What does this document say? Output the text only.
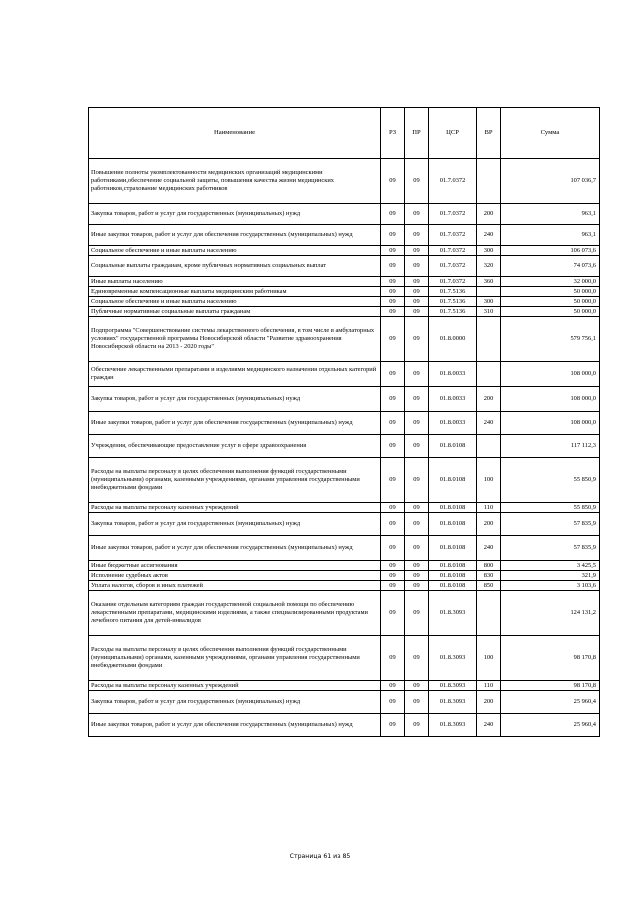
Наименование	РЗ	ПР	ЦСР	ВР	Сумма
Повышение полноты укомплектованности медицинских организаций медицинскими работниками,обеспечение социальной защиты, повышения качества жизни медицинских работников,страхование медицинских работников	09	09	01.7.0372		107 036,7
Закупка товаров, работ и услуг для государственных (муниципальных) нужд	09	09	01.7.0372	200	963,1
Иные закупки товаров, работ и услуг для обеспечения государственных (муниципальных) нужд	09	09	01.7.0372	240	963,1
Социальное обеспечение и иные выплаты населению	09	09	01.7.0372	300	106 073,6
Социальные выплаты гражданам, кроме публичных нормативных социальных выплат	09	09	01.7.0372	320	74 073,6
Иные выплаты населению	09	09	01.7.0372	360	32 000,0
Единовременные компенсационные выплаты медицинским работникам	09	09	01.7.5136		50 000,0
Социальное обеспечение и иные выплаты населению	09	09	01.7.5136	300	50 000,0
Публичные нормативные социальные выплаты гражданам	09	09	01.7.5136	310	50 000,0
Подпрограмма "Совершенствование системы лекарственного обеспечения, в том числе в амбулаторных условиях" государственной программы Новосибирской области "Развитие здравоохранения Новосибирской области на 2013 - 2020 годы"	09	09	01.8.0000		579 756,1
Обеспечение лекарственными препаратами и изделиями медицинского назначения отдельных категорий граждан	09	09	01.8.0033		108 000,0
Закупка товаров, работ и услуг для государственных (муниципальных) нужд	09	09	01.8.0033	200	108 000,0
Иные закупки товаров, работ и услуг для обеспечения государственных (муниципальных) нужд	09	09	01.8.0033	240	108 000,0
Учреждения, обеспечивающие предоставление услуг в сфере здравоохранения	09	09	01.8.0108		117 112,3
Расходы на выплаты персоналу в целях обеспечения выполнения функций государственными (муниципальными) органами, казенными учреждениями, органами управления государственными внебюджетными фондами	09	09	01.8.0108	100	55 850,9
Расходы на выплаты персоналу казенных учреждений	09	09	01.8.0108	110	55 850,9
Закупка товаров, работ и услуг для государственных (муниципальных) нужд	09	09	01.8.0108	200	57 835,9
Иные закупки товаров, работ и услуг для обеспечения государственных (муниципальных) нужд	09	09	01.8.0108	240	57 835,9
Иные бюджетные ассигнования	09	09	01.8.0108	800	3 425,5
Исполнение судебных актов	09	09	01.8.0108	830	321,9
Уплата налогов, сборов и иных платежей	09	09	01.8.0108	850	3 103,6
Оказание отдельным категориям граждан государственной социальной помощи по обеспечению лекарственными препаратами, медицинскими изделиями, а также специализированными продуктами лечебного питания для детей-инвалидов	09	09	01.8.3093		124 131,2
Расходы на выплаты персоналу в целях обеспечения выполнения функций государственными (муниципальными) органами, казенными учреждениями, органами управления государственными внебюджетными фондами	09	09	01.8.3093	100	98 170,8
Расходы на выплаты персоналу казенных учреждений	09	09	01.8.3093	110	98 170,8
Закупка товаров, работ и услуг для государственных (муниципальных) нужд	09	09	01.8.3093	200	25 960,4
Иные закупки товаров, работ и услуг для обеспечения государственных (муниципальных) нужд	09	09	01.8.3093	240	25 960,4
Страница 61 из 85
